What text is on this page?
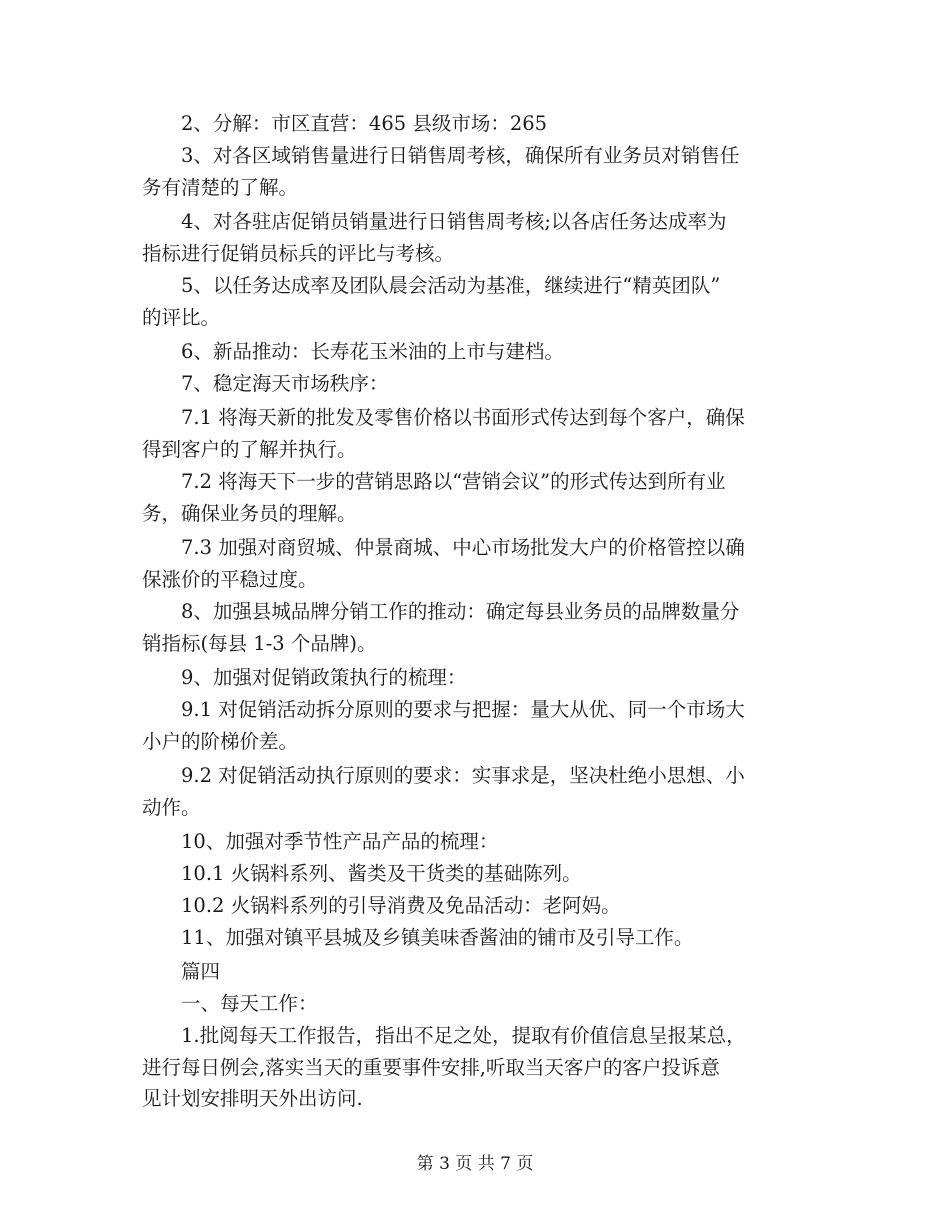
　　2、分解：市区直营：465 县级市场：265
　　3、对各区域销售量进行日销售周考核，确保所有业务员对销售任
务有清楚的了解。
　　4、对各驻店促销员销量进行日销售周考核;以各店任务达成率为
指标进行促销员标兵的评比与考核。
　　5、以任务达成率及团队晨会活动为基准，继续进行“精英团队”
的评比。
　　6、新品推动：长寿花玉米油的上市与建档。
　　7、稳定海天市场秩序：
　　7.1 将海天新的批发及零售价格以书面形式传达到每个客户，确保
得到客户的了解并执行。
　　7.2 将海天下一步的营销思路以“营销会议”的形式传达到所有业
务，确保业务员的理解。
　　7.3 加强对商贸城、仲景商城、中心市场批发大户的价格管控以确
保涨价的平稳过度。
　　8、加强县城品牌分销工作的推动：确定每县业务员的品牌数量分
销指标(每县 1-3 个品牌)。
　　9、加强对促销政策执行的梳理：
　　9.1 对促销活动拆分原则的要求与把握：量大从优、同一个市场大
小户的阶梯价差。
　　9.2 对促销活动执行原则的要求：实事求是，坚决杜绝小思想、小
动作。
　　10、加强对季节性产品产品的梳理：
　　10.1 火锅料系列、酱类及干货类的基础陈列。
　　10.2 火锅料系列的引导消费及免品活动：老阿妈。
　　11、加强对镇平县城及乡镇美味香酱油的铺市及引导工作。
　　篇四
　　一、每天工作：
　　1.批阅每天工作报告，指出不足之处，提取有价值信息呈报某总，
进行每日例会,落实当天的重要事件安排,听取当天客户的客户投诉意
见计划安排明天外出访问.
第 3 页 共 7 页
